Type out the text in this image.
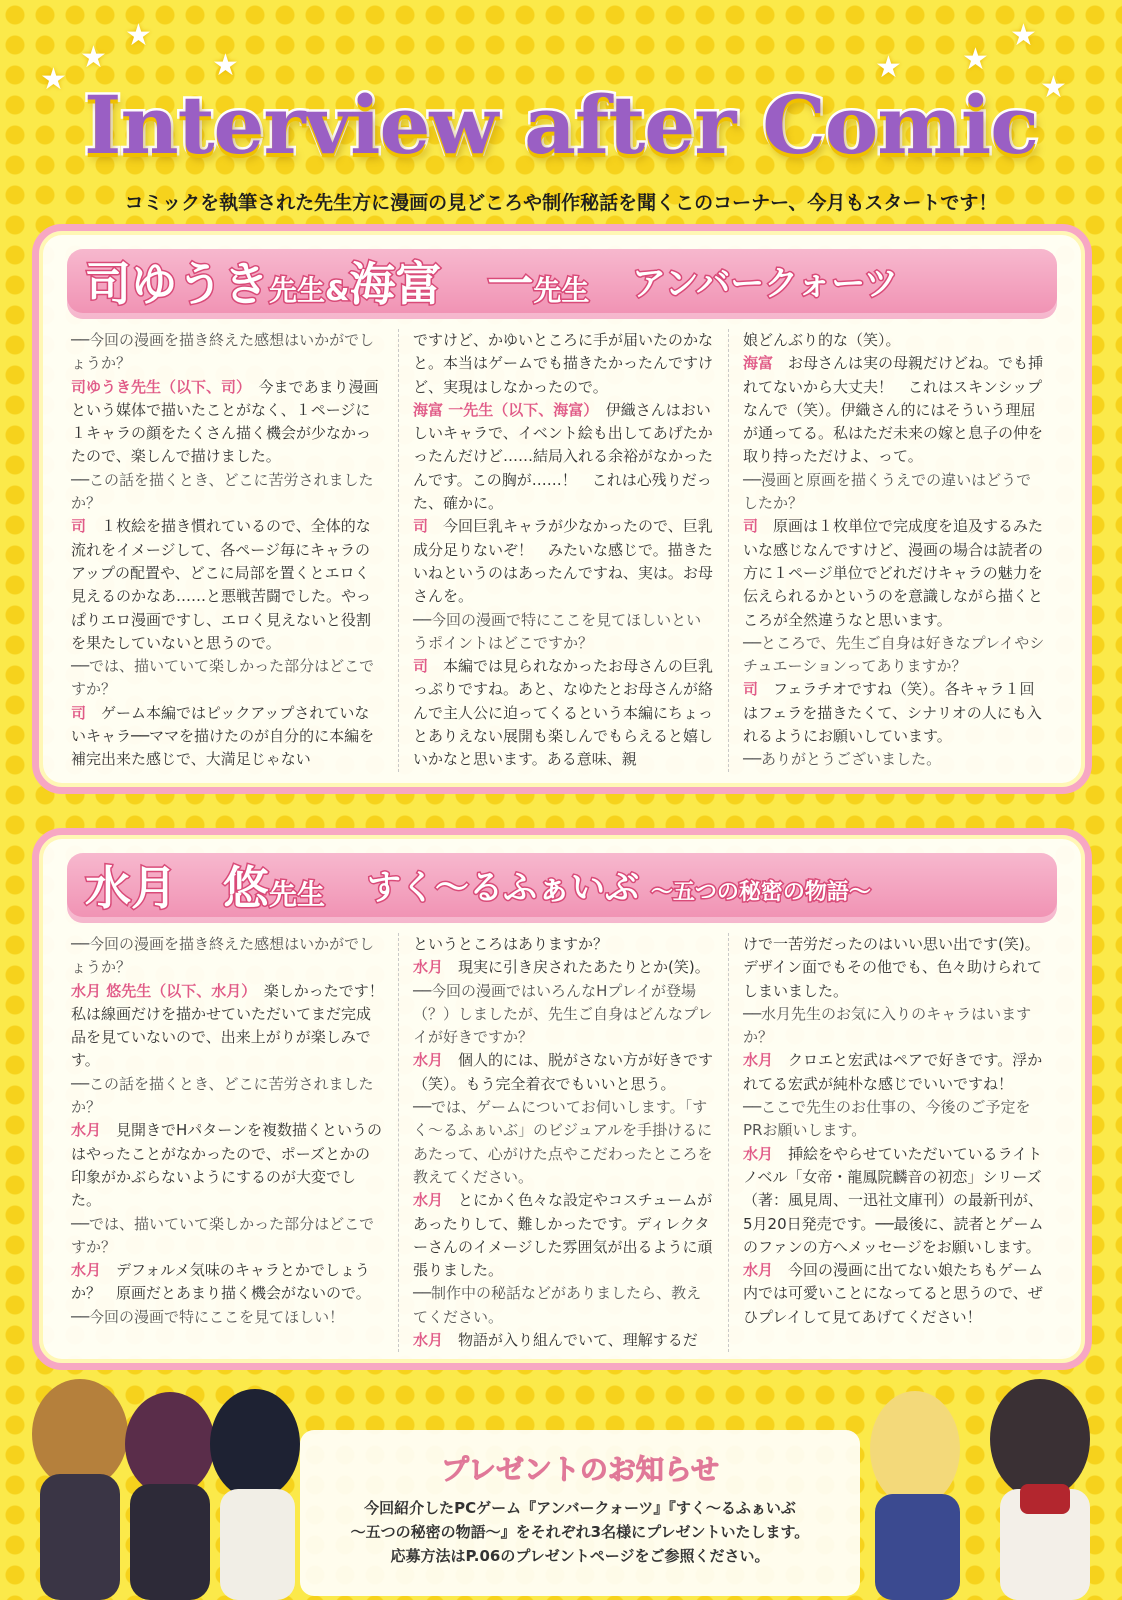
★
★
★
★	★ ★
★
★
Interview after Comic
コミックを執筆された先生方に漫画の見どころや制作秘話を聞くこのコーナー、今月もスタートです！
司ゆうき先生&海富　一先生 アンバークォーツ
──今回の漫画を描き終えた感想はいかがでしょうか？
司ゆうき先生（以下、司）　 今まであまり漫画という媒体で描いたことがなく、１ページに１キャラの顔をたくさん描く機会が少なかったので、楽しんで描けました。
──この話を描くとき、どこに苦労されましたか？
司　 １枚絵を描き慣れているので、全体的な流れをイメージして、各ページ毎にキャラのアップの配置や、どこに局部を置くとエロく見えるのかなあ……と悪戦苦闘でした。やっぱりエロ漫画ですし、エロく見えないと役割を果たしていないと思うので。
──では、描いていて楽しかった部分はどこですか？
司　 ゲーム本編ではピックアップされていないキャラ──ママを描けたのが自分的に本編を補完出来た感じで、大満足じゃない
ですけど、かゆいところに手が届いたのかなと。本当はゲームでも描きたかったんですけど、実現はしなかったので。
海富 一先生（以下、海富）　 伊織さんはおいしいキャラで、イベント絵も出してあげたかったんだけど……結局入れる余裕がなかったんです。この胸が……！　これは心残りだった、確かに。
司　 今回巨乳キャラが少なかったので、巨乳成分足りないぞ！　みたいな感じで。描きたいねというのはあったんですね、実は。お母さんを。
──今回の漫画で特にここを見てほしいというポイントはどこですか？
司　 本編では見られなかったお母さんの巨乳っぷりですね。あと、なゆたとお母さんが絡んで主人公に迫ってくるという本編にちょっとありえない展開も楽しんでもらえると嬉しいかなと思います。ある意味、親
娘どんぶり的な（笑）。
海富　 お母さんは実の母親だけどね。でも挿れてないから大丈夫！　これはスキンシップなんで（笑）。伊織さん的にはそういう理屈が通ってる。私はただ未来の嫁と息子の仲を取り持っただけよ、って。
──漫画と原画を描くうえでの違いはどうでしたか？
司　 原画は１枚単位で完成度を追及するみたいな感じなんですけど、漫画の場合は読者の方に１ページ単位でどれだけキャラの魅力を伝えられるかというのを意識しながら描くところが全然違うなと思います。
──ところで、先生ご自身は好きなプレイやシチュエーションってありますか？
司　 フェラチオですね（笑）。各キャラ１回はフェラを描きたくて、シナリオの人にも入れるようにお願いしています。
──ありがとうございました。
水月　悠先生 すく～るふぁいぶ ～五つの秘密の物語～
──今回の漫画を描き終えた感想はいかがでしょうか？
水月 悠先生（以下、水月）　 楽しかったです！　私は線画だけを描かせていただいてまだ完成品を見ていないので、出来上がりが楽しみです。
──この話を描くとき、どこに苦労されましたか？
水月　 見開きでHパターンを複数描くというのはやったことがなかったので、ポーズとかの印象がかぶらないようにするのが大変でした。
──では、描いていて楽しかった部分はどこですか？
水月　 デフォルメ気味のキャラとかでしょうか？　原画だとあまり描く機会がないので。
──今回の漫画で特にここを見てほしい！
というところはありますか？
水月　 現実に引き戻されたあたりとか(笑)。
──今回の漫画ではいろんなHプレイが登場（？）しましたが、先生ご自身はどんなプレイが好きですか？
水月　 個人的には、脱がさない方が好きです（笑）。もう完全着衣でもいいと思う。
──では、ゲームについてお伺いします。「すく～るふぁいぶ」のビジュアルを手掛けるにあたって、心がけた点やこだわったところを教えてください。
水月　 とにかく色々な設定やコスチュームがあったりして、難しかったです。ディレクターさんのイメージした雰囲気が出るように頑張りました。
──制作中の秘話などがありましたら、教えてください。
水月　 物語が入り組んでいて、理解するだ
けで一苦労だったのはいい思い出です(笑)。デザイン面でもその他でも、色々助けられてしまいました。
──水月先生のお気に入りのキャラはいますか？
水月　 クロエと宏武はペアで好きです。浮かれてる宏武が純朴な感じでいいですね！
──ここで先生のお仕事の、今後のご予定をPRお願いします。
水月　 挿絵をやらせていただいているライトノベル「女帝・龍鳳院麟音の初恋」シリーズ（著：風見周、一迅社文庫刊）の最新刊が、5月20日発売です。──最後に、読者とゲームのファンの方へメッセージをお願いします。
水月　 今回の漫画に出てない娘たちもゲーム内では可愛いことになってると思うので、ぜひプレイして見てあげてください！
プレゼントのお知らせ
今回紹介したPCゲーム『アンバークォーツ』『すく～るふぁいぶ
～五つの秘密の物語～』をそれぞれ3名様にプレゼントいたします。
応募方法はP.06のプレゼントページをご参照ください。
